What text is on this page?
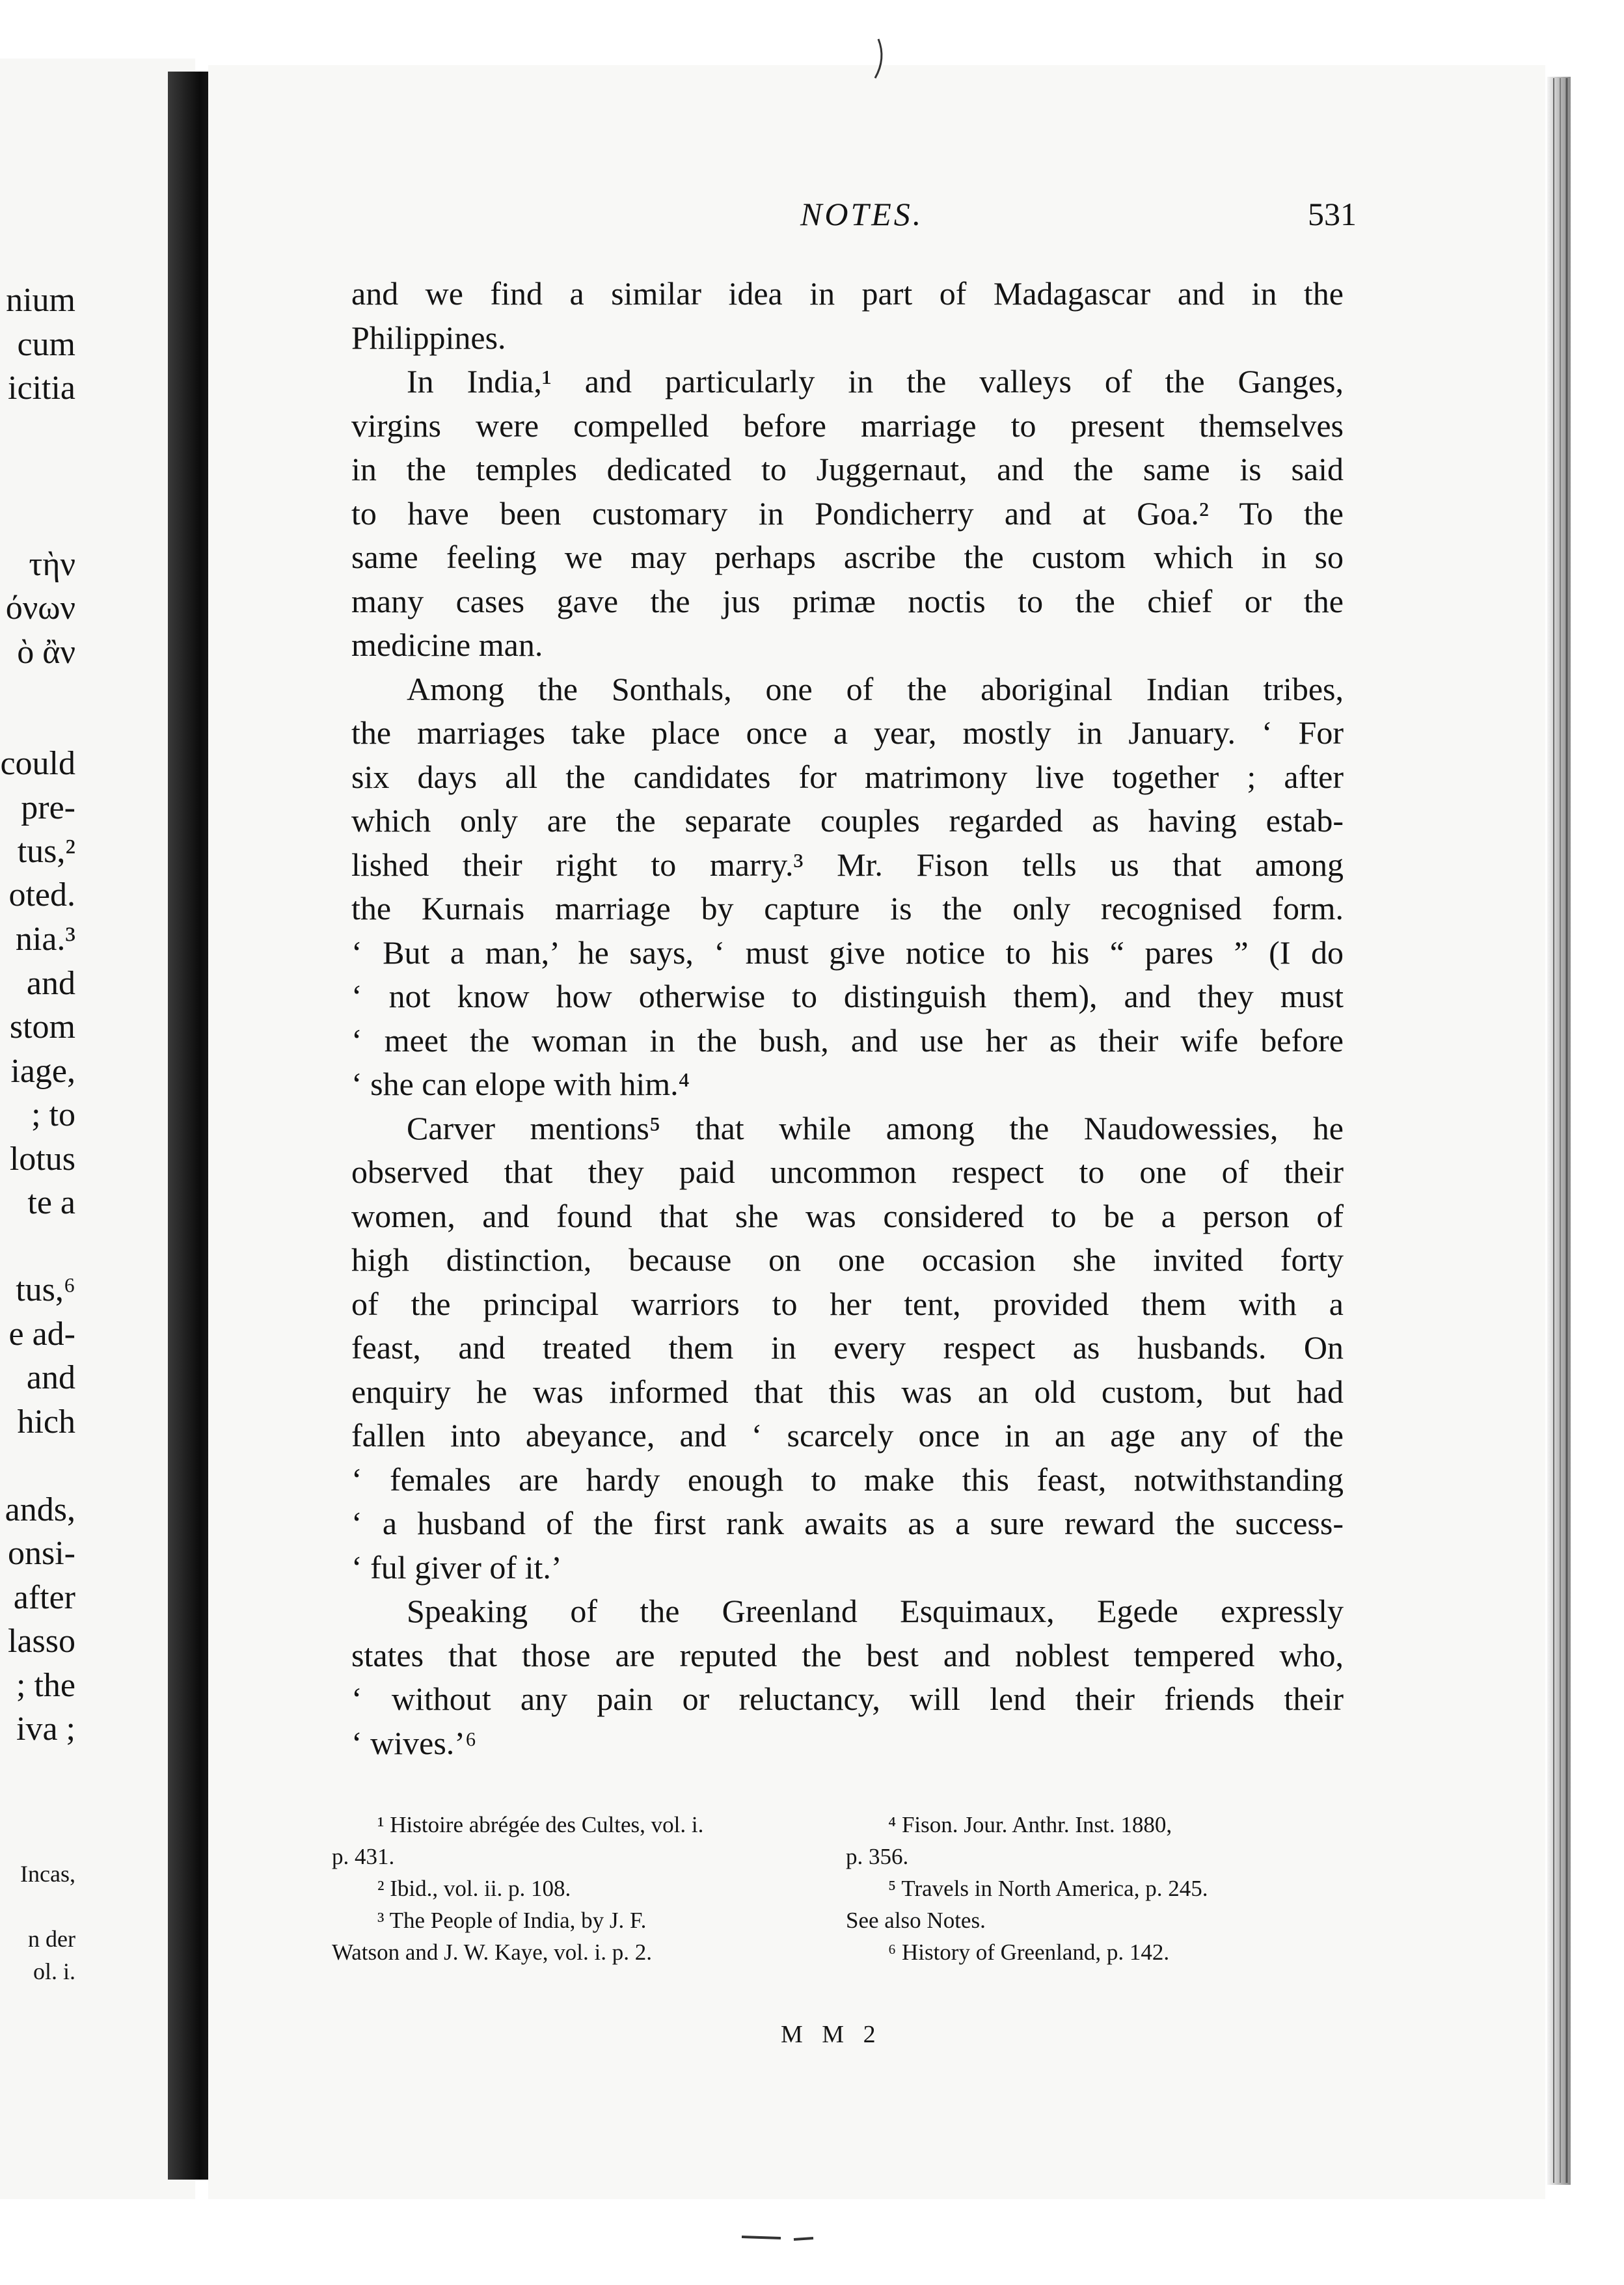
nium
cum
icitia
τὴν
όνων
ὸ ἂν
could
pre-
tus,²
oted.
nia.³
and
stom
iage,
; to
lotus
te a
tus,⁶
e ad-
and
hich
ands,
onsi-
after
lasso
; the
iva ;
Incas,
n der
ol. i.
NOTES.	531
and we find a similar idea in part of Madagascar and in the
Philippines.
In India,¹ and particularly in the valleys of the Ganges,
virgins were compelled before marriage to present themselves
in the temples dedicated to Juggernaut, and the same is said
to have been customary in Pondicherry and at Goa.² To the
same feeling we may perhaps ascribe the custom which in so
many cases gave the jus primæ noctis to the chief or the
medicine man.
Among the Sonthals, one of the aboriginal Indian tribes,
the marriages take place once a year, mostly in January. ‘ For
six days all the candidates for matrimony live together ; after
which only are the separate couples regarded as having estab-
lished their right to marry.³ Mr. Fison tells us that among
the Kurnais marriage by capture is the only recognised form.
‘ But a man,’ he says, ‘ must give notice to his “ pares ” (I do
‘ not know how otherwise to distinguish them), and they must
‘ meet the woman in the bush, and use her as their wife before
‘ she can elope with him.⁴
Carver mentions⁵ that while among the Naudowessies, he
observed that they paid uncommon respect to one of their
women, and found that she was considered to be a person of
high distinction, because on one occasion she invited forty
of the principal warriors to her tent, provided them with a
feast, and treated them in every respect as husbands. On
enquiry he was informed that this was an old custom, but had
fallen into abeyance, and ‘ scarcely once in an age any of the
‘ females are hardy enough to make this feast, notwithstanding
‘ a husband of the first rank awaits as a sure reward the success-
‘ ful giver of it.’
Speaking of the Greenland Esquimaux, Egede expressly
states that those are reputed the best and noblest tempered who,
‘ without any pain or reluctancy, will lend their friends their
‘ wives.’⁶
¹ Histoire abrégée des Cultes, vol. i.
p. 431.
² Ibid., vol. ii. p. 108.
³ The People of India, by J. F.
Watson and J. W. Kaye, vol. i. p. 2.
⁴ Fison. Jour. Anthr. Inst. 1880,
p. 356.
⁵ Travels in North America, p. 245.
See also Notes.
⁶ History of Greenland, p. 142.
M M 2
